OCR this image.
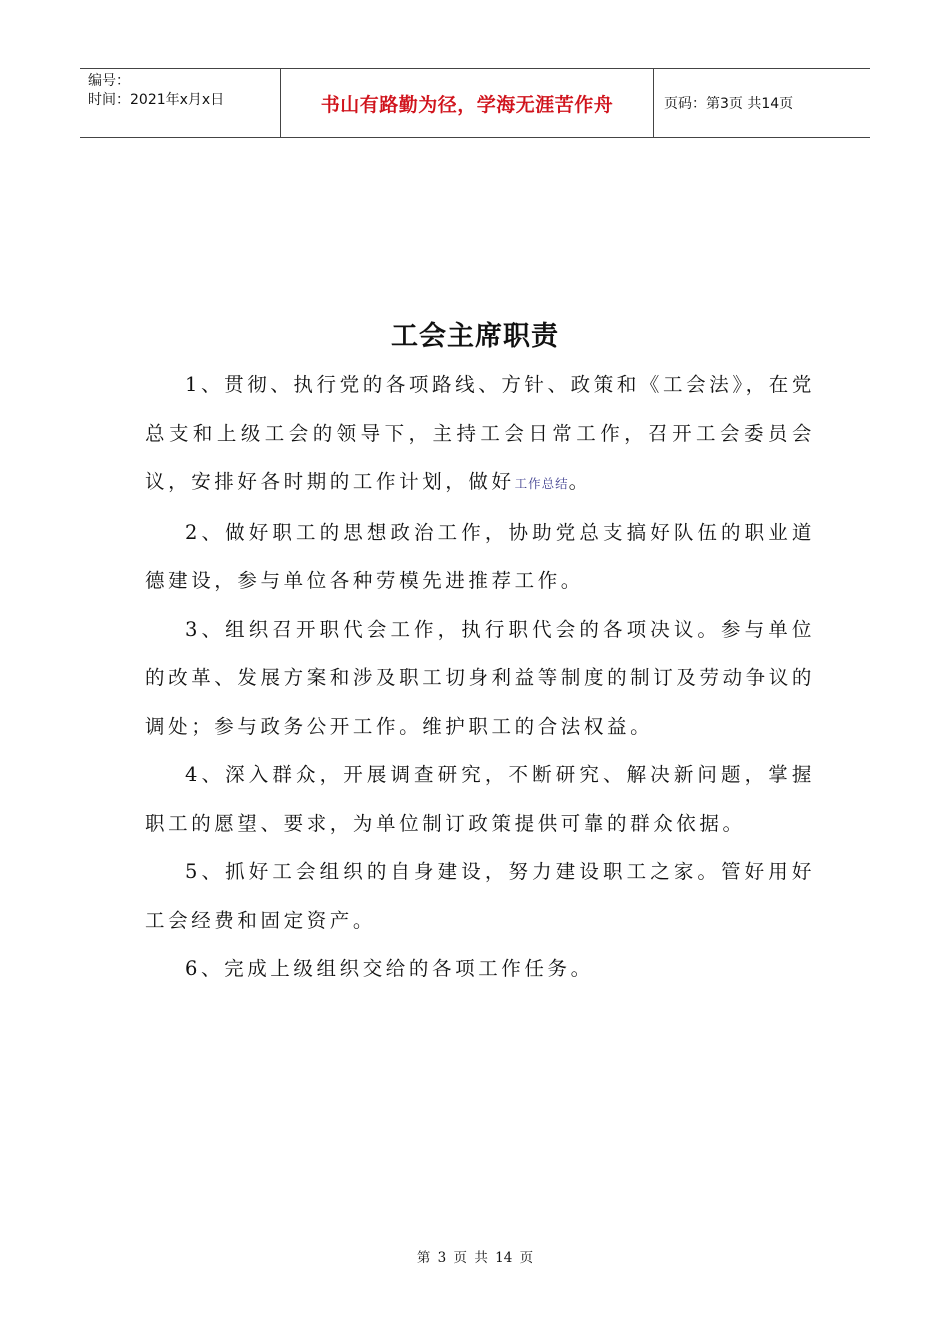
编号：
时间：2021年x月x日	书山有路勤为径，学海无涯苦作舟	页码：第3页 共14页
工会主席职责

1、贯彻、执行党的各项路线、方针、政策和《工会法》，在党总支和上级工会的领导下，主持工会日常工作，召开工会委员会议，安排好各时期的工作计划，做好工作总结。

2、做好职工的思想政治工作，协助党总支搞好队伍的职业道德建设，参与单位各种劳模先进推荐工作。

3、组织召开职代会工作，执行职代会的各项决议。参与单位的改革、发展方案和涉及职工切身利益等制度的制订及劳动争议的调处；参与政务公开工作。维护职工的合法权益。

4、深入群众，开展调查研究，不断研究、解决新问题，掌握职工的愿望、要求，为单位制订政策提供可靠的群众依据。

5、抓好工会组织的自身建设，努力建设职工之家。管好用好工会经费和固定资产。

6、完成上级组织交给的各项工作任务。

第 3 页 共 14 页
